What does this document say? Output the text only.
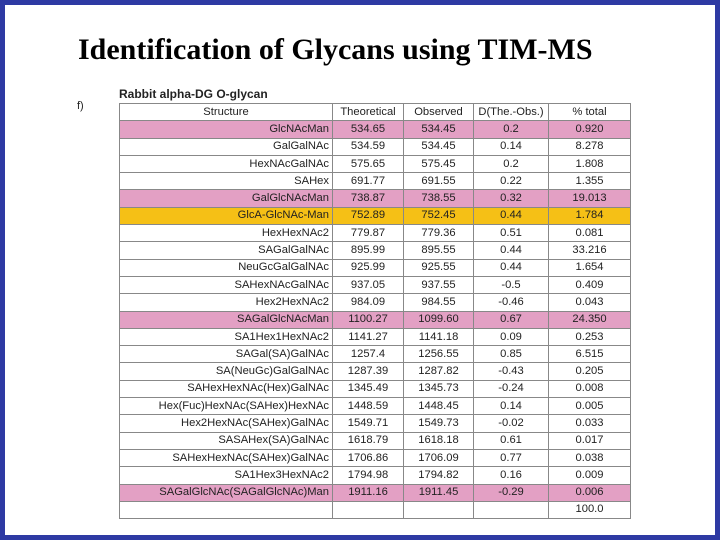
Identification of Glycans using TIM-MS
f)
Rabbit alpha-DG O-glycan
Structure	Theoretical	Observed	D(The.-Obs.)	% total
GlcNAcMan	534.65	534.45	0.2	0.920
GalGalNAc	534.59	534.45	0.14	8.278
HexNAcGalNAc	575.65	575.45	0.2	1.808
SAHex	691.77	691.55	0.22	1.355
GalGlcNAcMan	738.87	738.55	0.32	19.013
GlcA-GlcNAc-Man	752.89	752.45	0.44	1.784
HexHexNAc2	779.87	779.36	0.51	0.081
SAGalGalNAc	895.99	895.55	0.44	33.216
NeuGcGalGalNAc	925.99	925.55	0.44	1.654
SAHexNAcGalNAc	937.05	937.55	-0.5	0.409
Hex2HexNAc2	984.09	984.55	-0.46	0.043
SAGalGlcNAcMan	1100.27	1099.60	0.67	24.350
SA1Hex1HexNAc2	1141.27	1141.18	0.09	0.253
SAGal(SA)GalNAc	1257.4	1256.55	0.85	6.515
SA(NeuGc)GalGalNAc	1287.39	1287.82	-0.43	0.205
SAHexHexNAc(Hex)GalNAc	1345.49	1345.73	-0.24	0.008
Hex(Fuc)HexNAc(SAHex)HexNAc	1448.59	1448.45	0.14	0.005
Hex2HexNAc(SAHex)GalNAc	1549.71	1549.73	-0.02	0.033
SASAHex(SA)GalNAc	1618.79	1618.18	0.61	0.017
SAHexHexNAc(SAHex)GalNAc	1706.86	1706.09	0.77	0.038
SA1Hex3HexNAc2	1794.98	1794.82	0.16	0.009
SAGalGlcNAc(SAGalGlcNAc)Man	1911.16	1911.45	-0.29	0.006
				100.0
